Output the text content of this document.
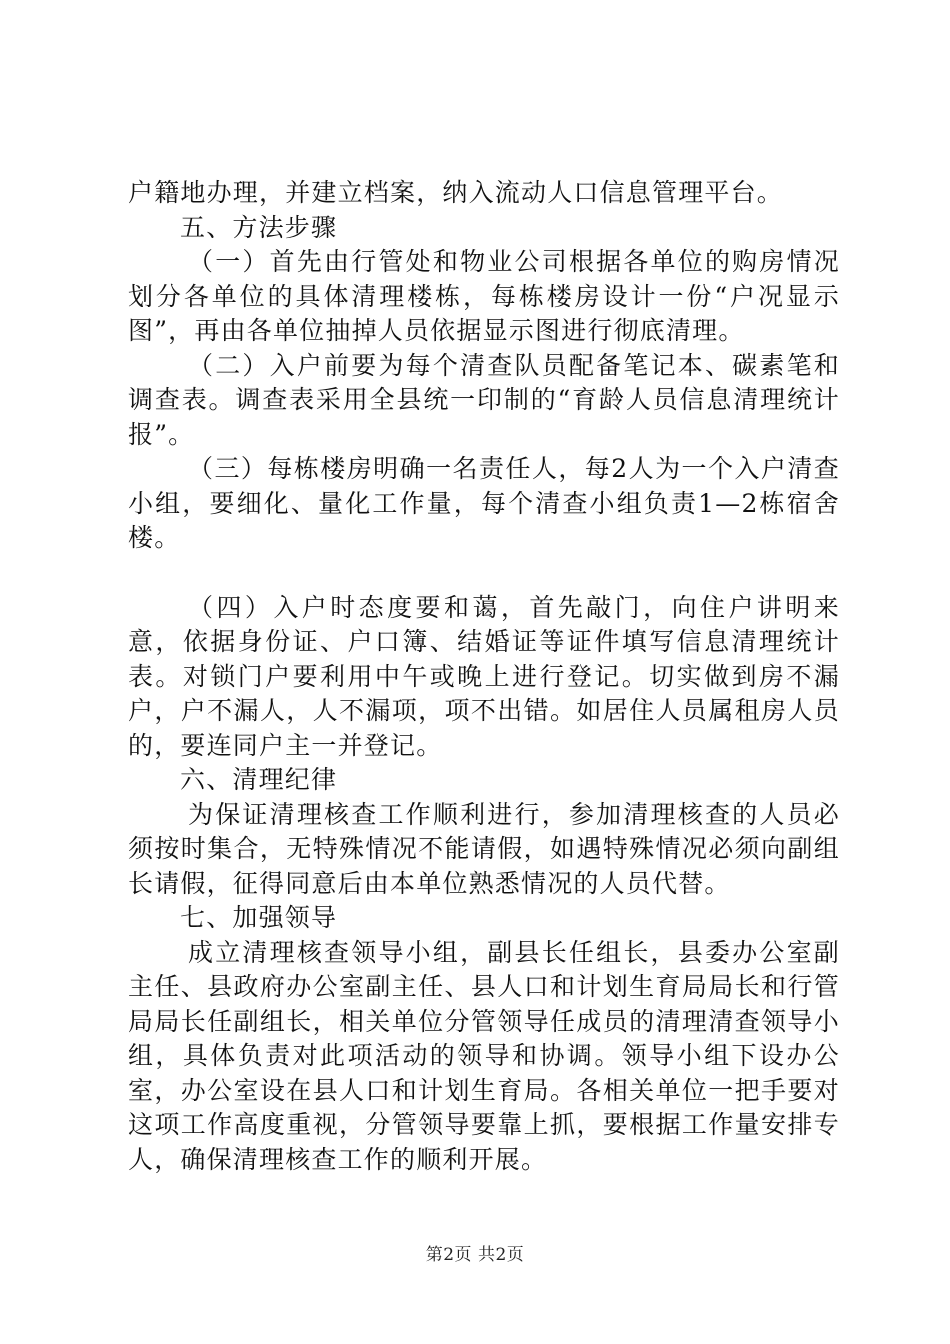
户籍地办理，并建立档案，纳入流动人口信息管理平台。

五、方法步骤

（一）首先由行管处和物业公司根据各单位的购房情况划分各单位的具体清理楼栋，每栋楼房设计一份“户况显示图”，再由各单位抽掉人员依据显示图进行彻底清理。

（二）入户前要为每个清查队员配备笔记本、碳素笔和调查表。调查表采用全县统一印制的“育龄人员信息清理统计报”。

（三）每栋楼房明确一名责任人，每2人为一个入户清查小组，要细化、量化工作量，每个清查小组负责1—2栋宿舍楼。

（四）入户时态度要和蔼，首先敲门，向住户讲明来意，依据身份证、户口簿、结婚证等证件填写信息清理统计表。对锁门户要利用中午或晚上进行登记。切实做到房不漏户，户不漏人，人不漏项，项不出错。如居住人员属租房人员的，要连同户主一并登记。

六、清理纪律

为保证清理核查工作顺利进行，参加清理核查的人员必须按时集合，无特殊情况不能请假，如遇特殊情况必须向副组长请假，征得同意后由本单位熟悉情况的人员代替。

七、加强领导

成立清理核查领导小组，副县长任组长，县委办公室副主任、县政府办公室副主任、县人口和计划生育局局长和行管局局长任副组长，相关单位分管领导任成员的清理清查领导小组，具体负责对此项活动的领导和协调。领导小组下设办公室，办公室设在县人口和计划生育局。各相关单位一把手要对这项工作高度重视，分管领导要靠上抓，要根据工作量安排专人，确保清理核查工作的顺利开展。

第2页 共2页
